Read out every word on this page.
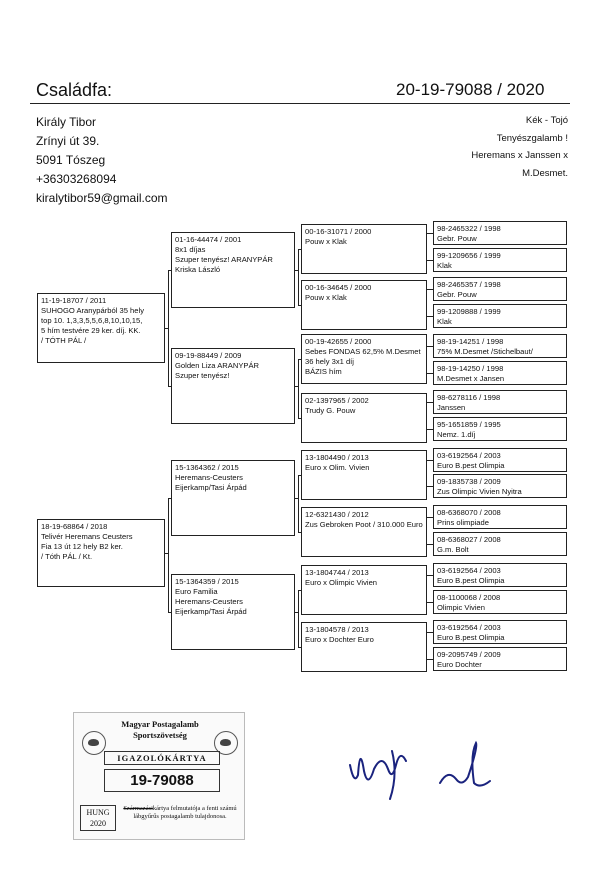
Családfa:	20-19-79088 / 2020
Király Tibor
Zrínyi út 39.
5091 Tószeg
+36303268094
kiralytibor59@gmail.com
Kék - Tojó
Tenyészgalamb !
Heremans x Janssen x
M.Desmet.
98-2465322 / 1998
Gebr. Pouw
99-1209656 / 1999
Klak
98-2465357 / 1998
Gebr. Pouw
99-1209888 / 1999
Klak
98-19-14251 / 1998
75% M.Desmet /Stichelbaut/
98-19-14250 / 1998
M.Desmet x Jansen
98-6278116 / 1998
Janssen
95-1651859 / 1995
Nemz. 1.díj
03-6192564 / 2003
Euro B.pest Olimpia
09-1835738 / 2009
Zus Olimpic Vivien Nyitra
08-6368070 / 2008
Prins olimpiade
08-6368027 / 2008
G.m. Bolt
03-6192564 / 2003
Euro B.pest Olimpia
08-1100068 / 2008
Olimpic Vivien
03-6192564 / 2003
Euro B.pest Olimpia
09-2095749 / 2009
Euro Dochter
00-16-31071 / 2000
Pouw x Klak
00-16-34645 / 2000
Pouw x Klak
00-19-42655 / 2000
Sebes FONDAS 62,5% M.Desmet
36 hely 3x1 díj
BÁZIS hím
02-1397965 / 2002
Trudy G. Pouw
13-1804490 / 2013
Euro x Olim. Vivien
12-6321430 / 2012
Zus Gebroken Poot / 310.000 Euro
13-1804744 / 2013
Euro x Olimpic Vivien
13-1804578 / 2013
Euro x Dochter Euro
01-16-44474 / 2001
8x1 díjas
Szuper tenyész! ARANYPÁR
Kriska László
09-19-88449 / 2009
Golden Liza ARANYPÁR
Szuper tenyész!
15-1364362 / 2015
Heremans-Ceusters
Eijerkamp/Tasi Árpád
15-1364359 / 2015
Euro Familia
Heremans-Ceusters
Eijerkamp/Tasi Árpád
11-19-18707 / 2011
SUHOGO Aranypárból 35 hely
top 10. 1,3,3,5,5,6,8,10,10,15,
5 hím testvére 29 ker. díj. KK.
/ TÓTH PÁL /
18-19-68864 / 2018
Telivér Heremans Ceusters
Fia 13 út 12 hely B2 ker.
/ Tóth PÁL / Kt.
Magyar Postagalamb
Sportszövetség
IGAZOLÓKÁRTYA
19-79088
HUNG
2020
Származásikártya felmutatója a fenti számú lábgyűrűs postagalamb tulajdonosa.
